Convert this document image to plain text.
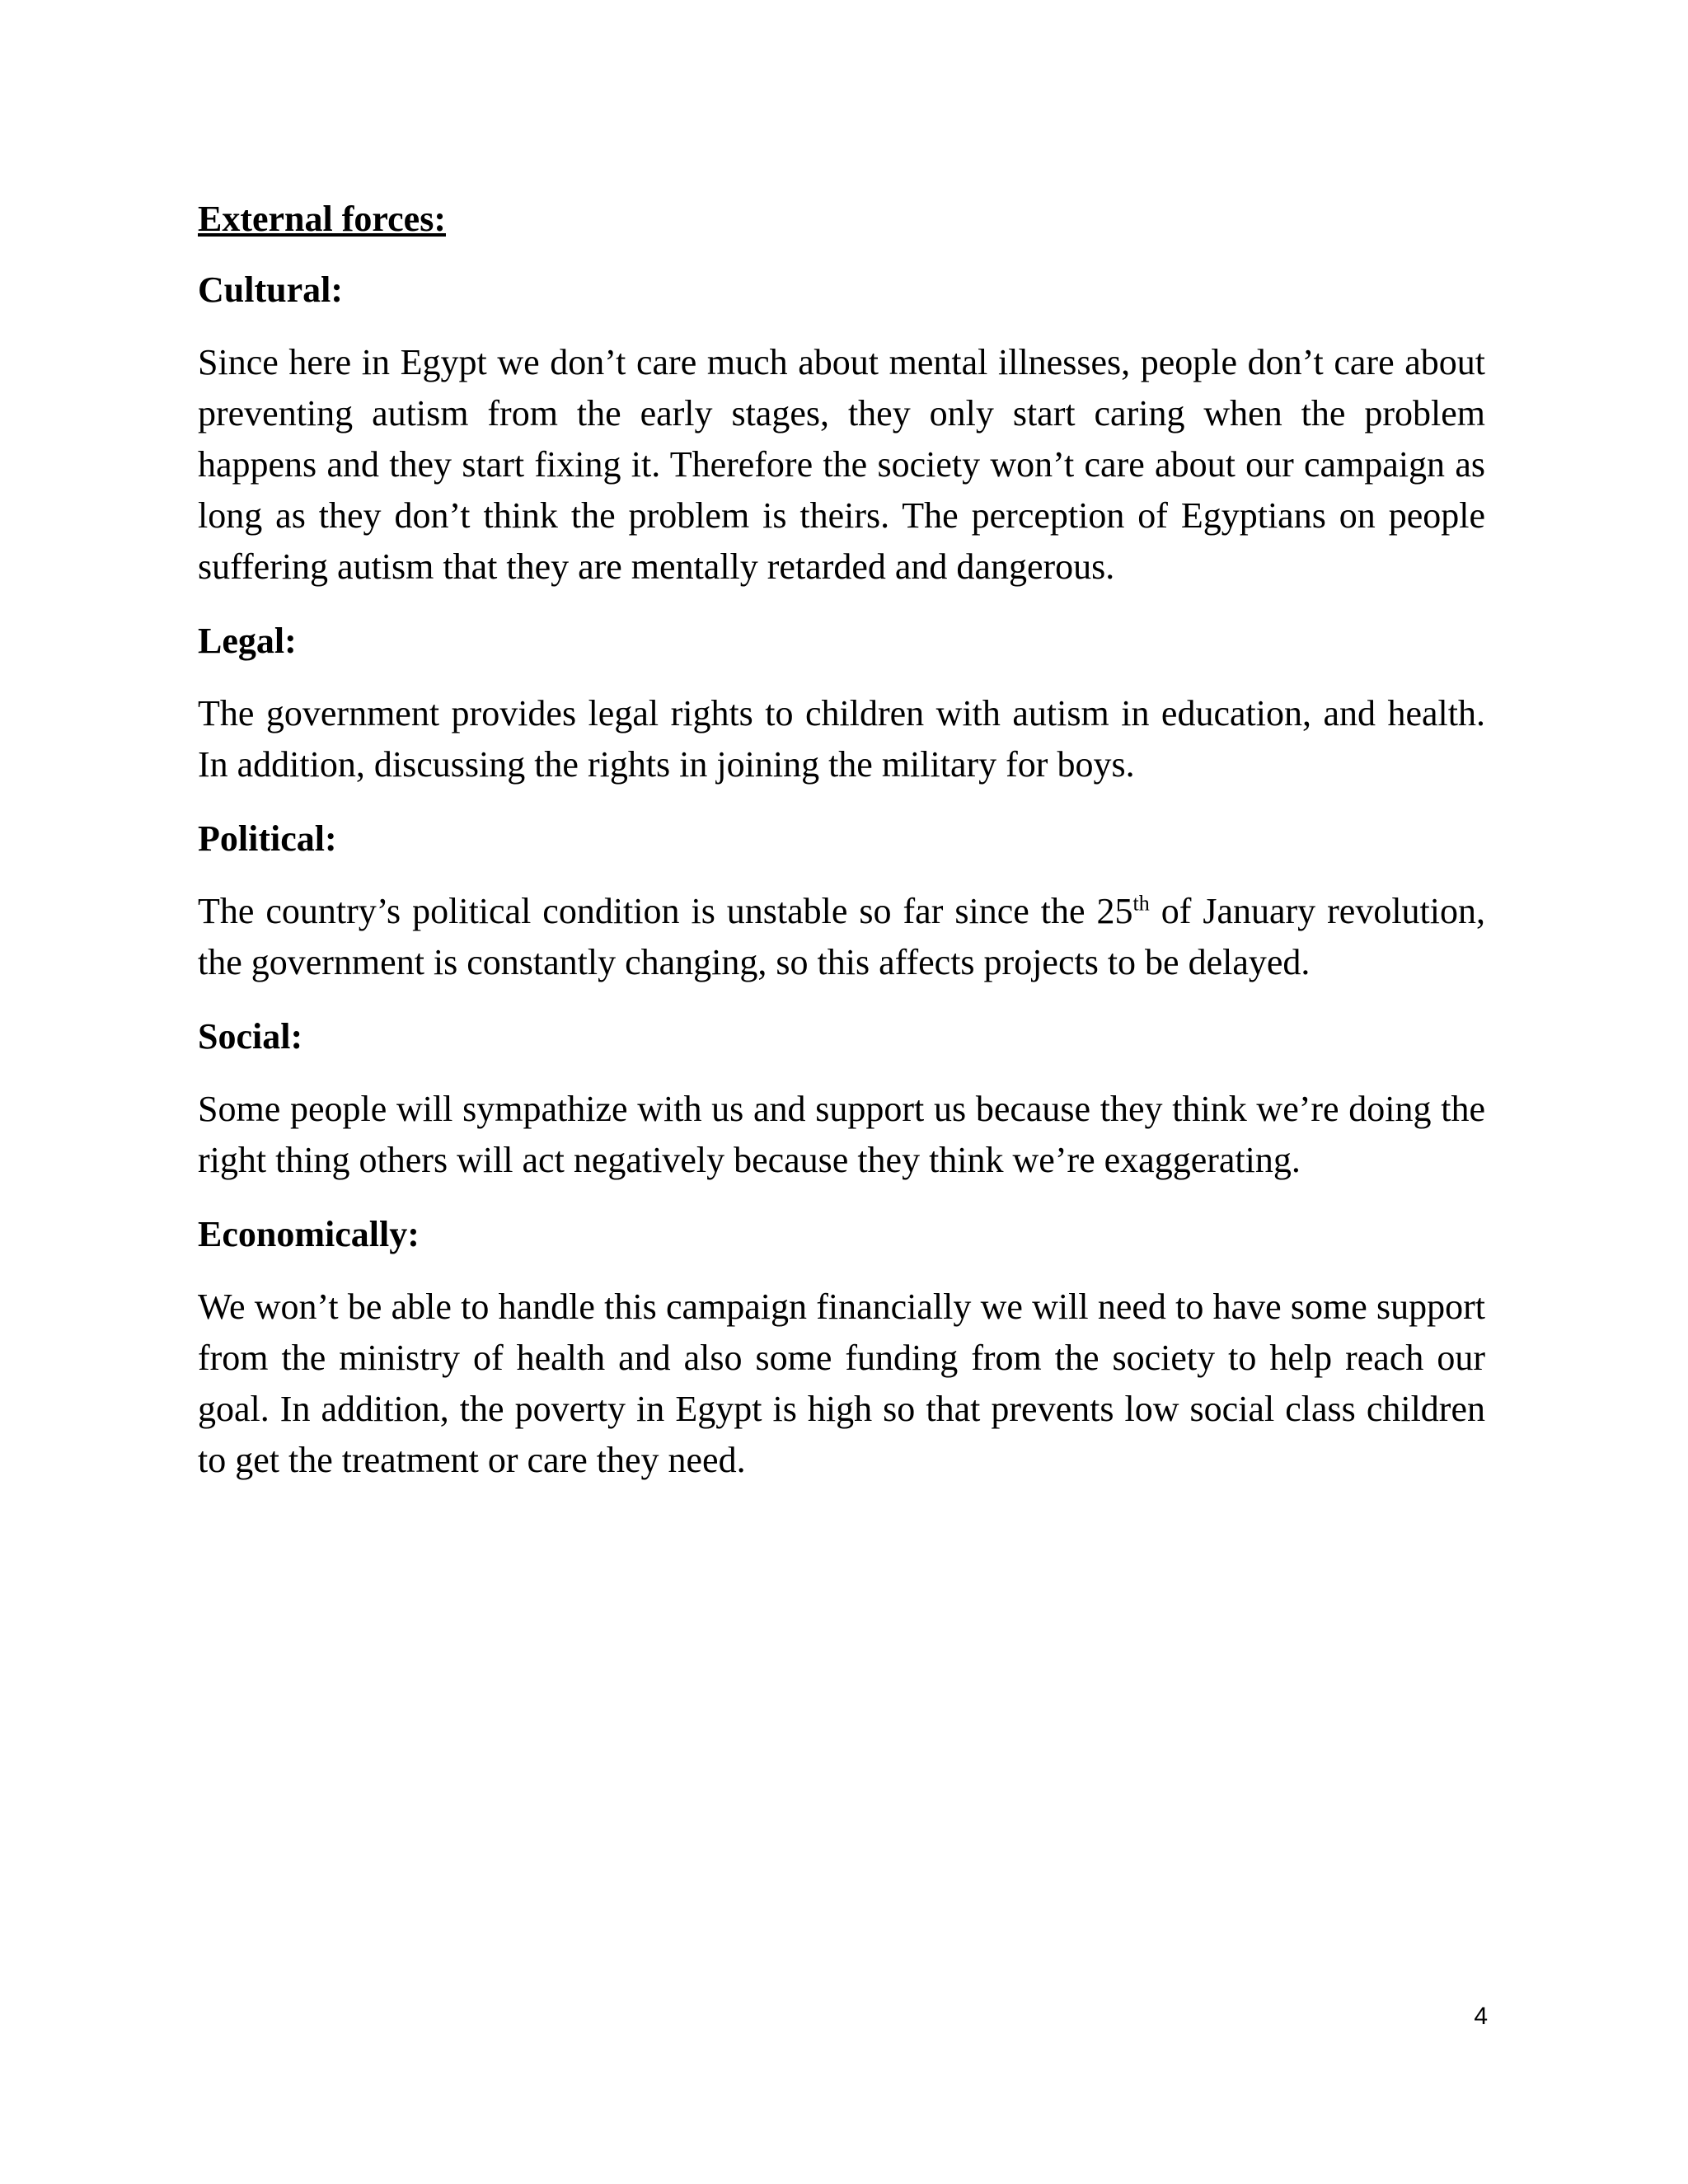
External forces:
Cultural:

Since here in Egypt we don’t care much about mental illnesses, people don’t care about preventing autism from the early stages, they only start caring when the problem happens and they start fixing it. Therefore the society won’t care about our campaign as long as they don’t think the problem is theirs. The perception of Egyptians on people suffering autism that they are mentally retarded and dangerous.

Legal:

The government provides legal rights to children with autism in education, and health. In addition, discussing the rights in joining the military for boys.

Political:

The country’s political condition is unstable so far since the 25th of January revolution, the government is constantly changing, so this affects projects to be delayed.

Social:

Some people will sympathize with us and support us because they think we’re doing the right thing others will act negatively because they think we’re exaggerating.

Economically:

We won’t be able to handle this campaign financially we will need to have some support from the ministry of health and also some funding from the society to help reach our goal. In addition, the poverty in Egypt is high so that prevents low social class children to get the treatment or care they need.

4
